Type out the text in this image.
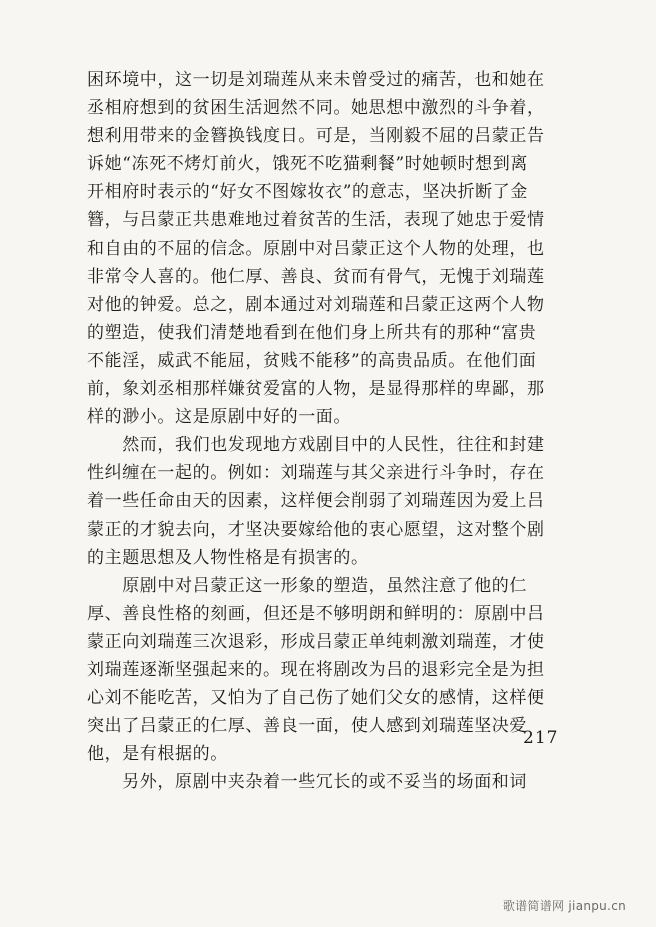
困环境中，这一切是刘瑞莲从来未曾受过的痛苦，也和她在
丞相府想到的贫困生活迥然不同。她思想中激烈的斗争着，
想利用带来的金簪换钱度日。可是，当刚毅不屈的吕蒙正告
诉她“冻死不烤灯前火，饿死不吃猫剩餐”时她顿时想到离
开相府时表示的“好女不图嫁妆衣”的意志，坚决折断了金
簪，与吕蒙正共患难地过着贫苦的生活，表现了她忠于爱情
和自由的不屈的信念。原剧中对吕蒙正这个人物的处理，也
非常令人喜的。他仁厚、善良、贫而有骨气，无愧于刘瑞莲
对他的钟爱。总之，剧本通过对刘瑞莲和吕蒙正这两个人物
的塑造，使我们清楚地看到在他们身上所共有的那种“富贵
不能淫，威武不能屈，贫贱不能移”的高贵品质。在他们面
前，象刘丞相那样嫌贫爱富的人物，是显得那样的卑鄙，那
样的渺小。这是原剧中好的一面。
　　然而，我们也发现地方戏剧目中的人民性，往往和封建
性纠缠在一起的。例如：刘瑞莲与其父亲进行斗争时，存在
着一些任命由天的因素，这样便会削弱了刘瑞莲因为爱上吕
蒙正的才貌去向，才坚决要嫁给他的衷心愿望，这对整个剧
的主题思想及人物性格是有损害的。
　　原剧中对吕蒙正这一形象的塑造，虽然注意了他的仁
厚、善良性格的刻画，但还是不够明朗和鲜明的：原剧中吕
蒙正向刘瑞莲三次退彩，形成吕蒙正单纯刺激刘瑞莲，才使
刘瑞莲逐渐坚强起来的。现在将剧改为吕的退彩完全是为担
心刘不能吃苦，又怕为了自己伤了她们父女的感情，这样便
突出了吕蒙正的仁厚、善良一面，使人感到刘瑞莲坚决爱
他，是有根据的。
　　另外，原剧中夹杂着一些冗长的或不妥当的场面和词
217
歌谱简谱网 jianpu.cn
